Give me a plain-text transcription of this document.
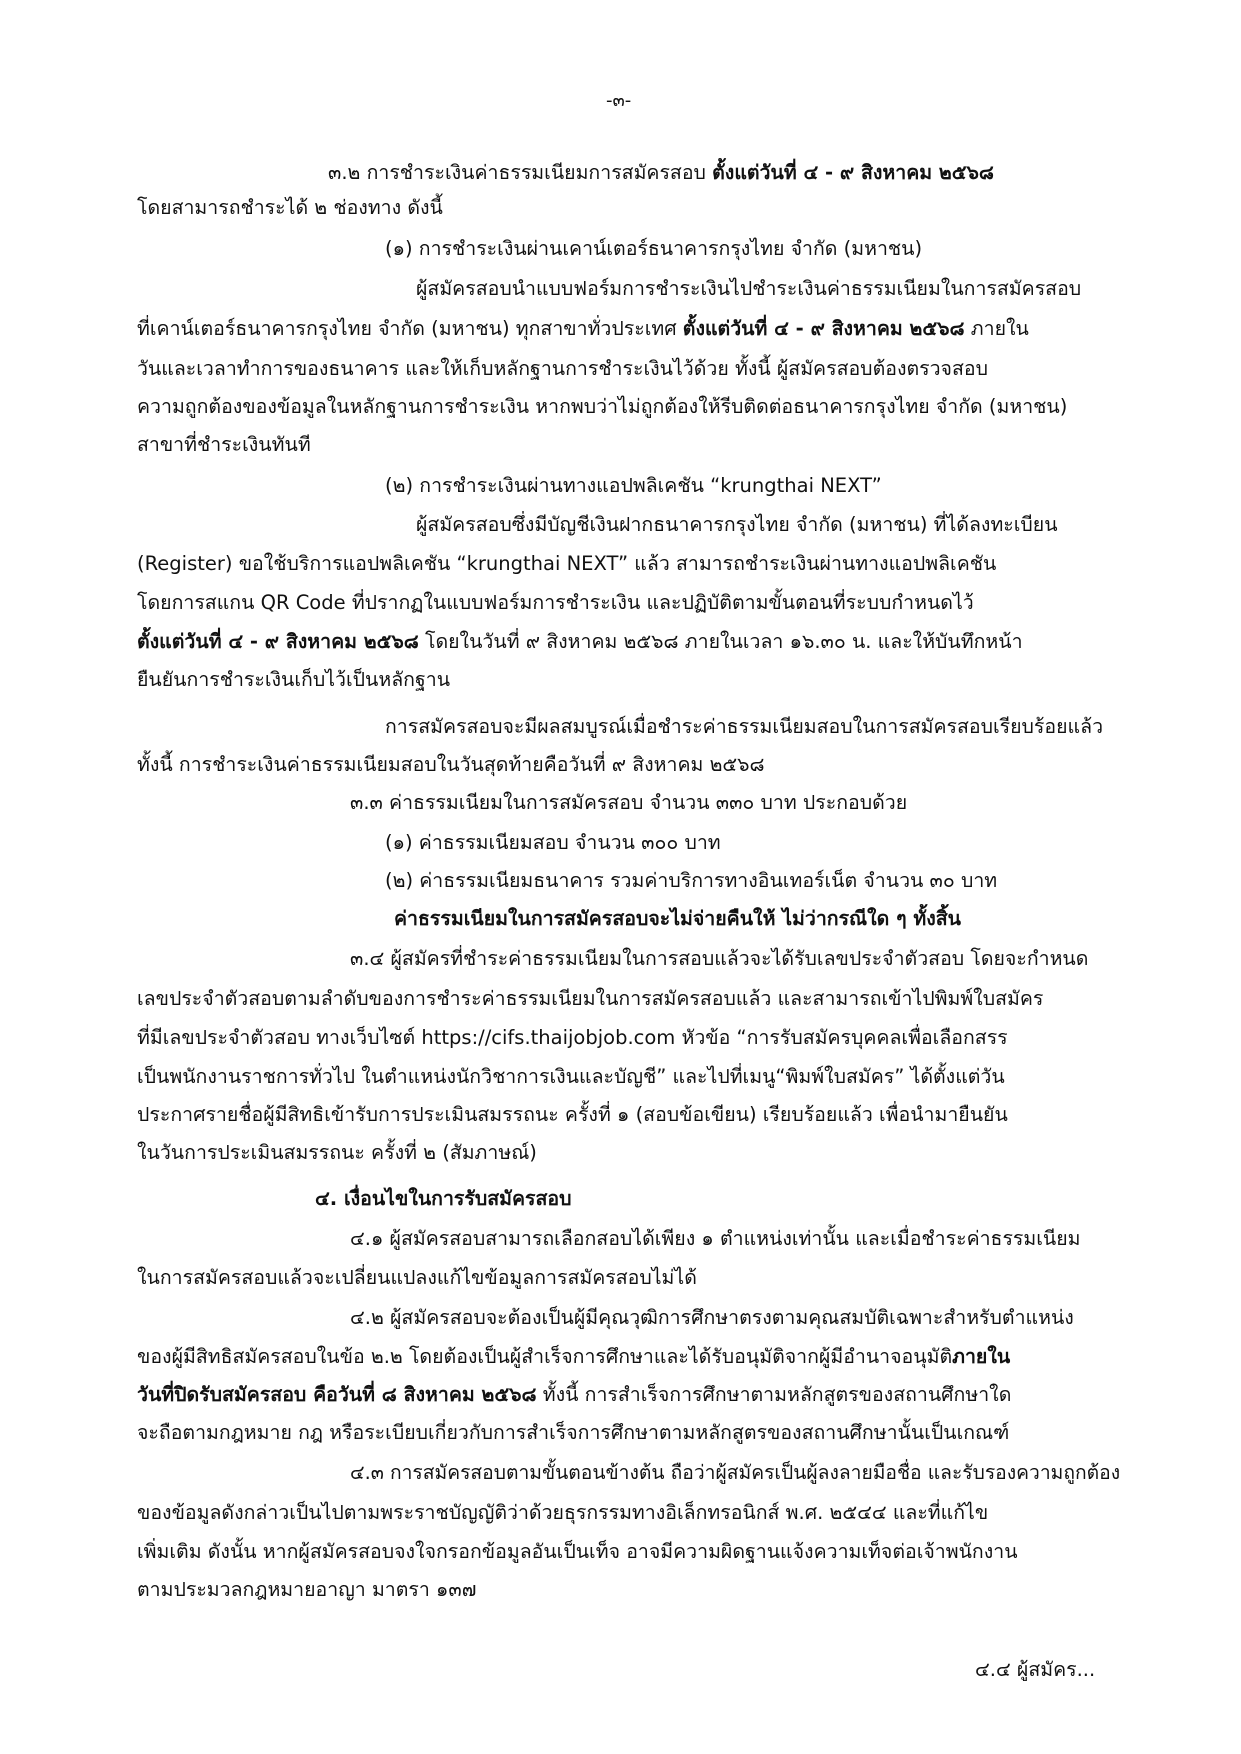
-๓-
๓.๒ การชำระเงินค่าธรรมเนียมการสมัครสอบ ตั้งแต่วันที่ ๔ - ๙ สิงหาคม ๒๕๖๘
โดยสามารถชำระได้ ๒ ช่องทาง ดังนี้
(๑) การชำระเงินผ่านเคาน์เตอร์ธนาคารกรุงไทย จำกัด (มหาชน)
ผู้สมัครสอบนำแบบฟอร์มการชำระเงินไปชำระเงินค่าธรรมเนียมในการสมัครสอบ
ที่เคาน์เตอร์ธนาคารกรุงไทย จำกัด (มหาชน) ทุกสาขาทั่วประเทศ ตั้งแต่วันที่ ๔ - ๙ สิงหาคม ๒๕๖๘ ภายใน
วันและเวลาทำการของธนาคาร และให้เก็บหลักฐานการชำระเงินไว้ด้วย ทั้งนี้ ผู้สมัครสอบต้องตรวจสอบ
ความถูกต้องของข้อมูลในหลักฐานการชำระเงิน หากพบว่าไม่ถูกต้องให้รีบติดต่อธนาคารกรุงไทย จำกัด (มหาชน)
สาขาที่ชำระเงินทันที
(๒) การชำระเงินผ่านทางแอปพลิเคชัน “krungthai NEXT”
ผู้สมัครสอบซึ่งมีบัญชีเงินฝากธนาคารกรุงไทย จำกัด (มหาชน) ที่ได้ลงทะเบียน
(Register) ขอใช้บริการแอปพลิเคชัน “krungthai NEXT” แล้ว สามารถชำระเงินผ่านทางแอปพลิเคชัน
โดยการสแกน QR Code ที่ปรากฏในแบบฟอร์มการชำระเงิน และปฏิบัติตามขั้นตอนที่ระบบกำหนดไว้
ตั้งแต่วันที่ ๔ - ๙ สิงหาคม ๒๕๖๘ โดยในวันที่ ๙ สิงหาคม ๒๕๖๘ ภายในเวลา ๑๖.๓๐ น. และให้บันทึกหน้า
ยืนยันการชำระเงินเก็บไว้เป็นหลักฐาน
การสมัครสอบจะมีผลสมบูรณ์เมื่อชำระค่าธรรมเนียมสอบในการสมัครสอบเรียบร้อยแล้ว
ทั้งนี้ การชำระเงินค่าธรรมเนียมสอบในวันสุดท้ายคือวันที่ ๙ สิงหาคม ๒๕๖๘
๓.๓ ค่าธรรมเนียมในการสมัครสอบ จำนวน ๓๓๐ บาท ประกอบด้วย
(๑) ค่าธรรมเนียมสอบ จำนวน ๓๐๐ บาท
(๒) ค่าธรรมเนียมธนาคาร รวมค่าบริการทางอินเทอร์เน็ต จำนวน ๓๐ บาท
ค่าธรรมเนียมในการสมัครสอบจะไม่จ่ายคืนให้ ไม่ว่ากรณีใด ๆ ทั้งสิ้น
๓.๔ ผู้สมัครที่ชำระค่าธรรมเนียมในการสอบแล้วจะได้รับเลขประจำตัวสอบ โดยจะกำหนด
เลขประจำตัวสอบตามลำดับของการชำระค่าธรรมเนียมในการสมัครสอบแล้ว และสามารถเข้าไปพิมพ์ใบสมัคร
ที่มีเลขประจำตัวสอบ ทางเว็บไซต์ https://cifs.thaijobjob.com หัวข้อ “การรับสมัครบุคคลเพื่อเลือกสรร
เป็นพนักงานราชการทั่วไป ในตำแหน่งนักวิชาการเงินและบัญชี” และไปที่เมนู“พิมพ์ใบสมัคร” ได้ตั้งแต่วัน
ประกาศรายชื่อผู้มีสิทธิเข้ารับการประเมินสมรรถนะ ครั้งที่ ๑ (สอบข้อเขียน) เรียบร้อยแล้ว เพื่อนำมายืนยัน
ในวันการประเมินสมรรถนะ ครั้งที่ ๒ (สัมภาษณ์)
๔. เงื่อนไขในการรับสมัครสอบ
๔.๑ ผู้สมัครสอบสามารถเลือกสอบได้เพียง ๑ ตำแหน่งเท่านั้น และเมื่อชำระค่าธรรมเนียม
ในการสมัครสอบแล้วจะเปลี่ยนแปลงแก้ไขข้อมูลการสมัครสอบไม่ได้
๔.๒ ผู้สมัครสอบจะต้องเป็นผู้มีคุณวุฒิการศึกษาตรงตามคุณสมบัติเฉพาะสำหรับตำแหน่ง
ของผู้มีสิทธิสมัครสอบในข้อ ๒.๒ โดยต้องเป็นผู้สำเร็จการศึกษาและได้รับอนุมัติจากผู้มีอำนาจอนุมัติภายใน
วันที่ปิดรับสมัครสอบ คือวันที่ ๘ สิงหาคม ๒๕๖๘ ทั้งนี้ การสำเร็จการศึกษาตามหลักสูตรของสถานศึกษาใด
จะถือตามกฎหมาย กฎ หรือระเบียบเกี่ยวกับการสำเร็จการศึกษาตามหลักสูตรของสถานศึกษานั้นเป็นเกณฑ์
๔.๓ การสมัครสอบตามขั้นตอนข้างต้น ถือว่าผู้สมัครเป็นผู้ลงลายมือชื่อ และรับรองความถูกต้อง
ของข้อมูลดังกล่าวเป็นไปตามพระราชบัญญัติว่าด้วยธุรกรรมทางอิเล็กทรอนิกส์ พ.ศ. ๒๕๔๔ และที่แก้ไข
เพิ่มเติม ดังนั้น หากผู้สมัครสอบจงใจกรอกข้อมูลอันเป็นเท็จ อาจมีความผิดฐานแจ้งความเท็จต่อเจ้าพนักงาน
ตามประมวลกฎหมายอาญา มาตรา ๑๓๗
๔.๔ ผู้สมัคร...
